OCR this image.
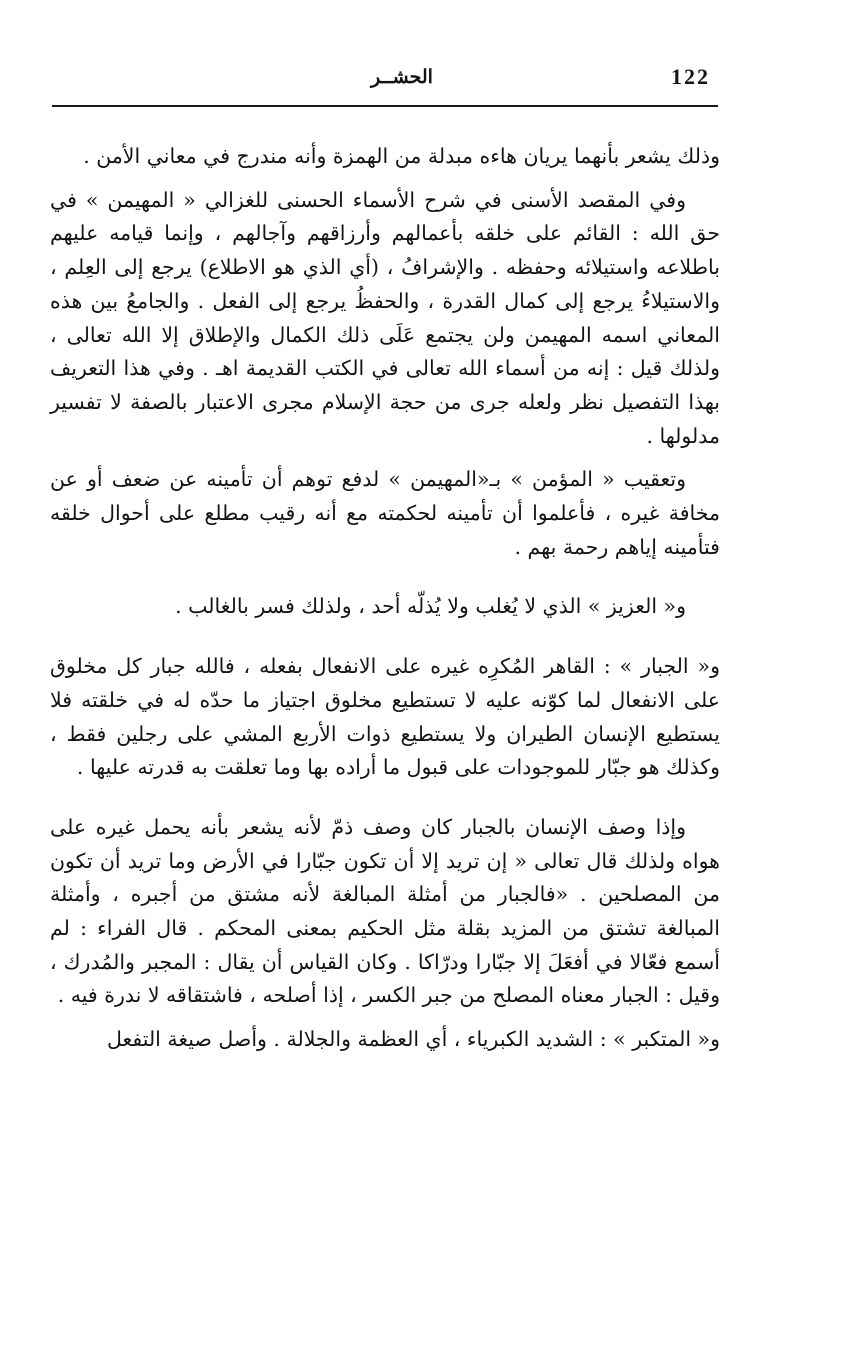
122
الحشــر

وذلك يشعر بأنهما يريان هاءه مبدلة من الهمزة وأنه مندرج في معاني الأمن .

وفي المقصد الأسنى في شرح الأسماء الحسنى للغزالي « المهيمن » في حق الله : القائم على خلقه بأعمالهم وأرزاقهم وآجالهم ، وإنما قيامه عليهم باطلاعه واستيلائه وحفظه . والإشرافُ ، (أي الذي هو الاطلاع) يرجع إلى العِلم ، والاستيلاءُ يرجع إلى كمال القدرة ، والحفظُ يرجع إلى الفعل . والجامعُ بين هذه المعاني اسمه المهيمن ولن يجتمع عَلَى ذلك الكمال والإطلاق إلا الله تعالى ، ولذلك قيل : إنه من أسماء الله تعالى في الكتب القديمة اهـ . وفي هذا التعريف بهذا التفصيل نظر ولعله جرى من حجة الإسلام مجرى الاعتبار بالصفة لا تفسير مدلولها .

وتعقيب « المؤمن » بـ«المهيمن » لدفع توهم أن تأمينه عن ضعف أو عن مخافة غيره ، فأعلموا أن تأمينه لحكمته مع أنه رقيب مطلع على أحوال خلقه فتأمينه إياهم رحمة بهم .

و« العزيز » الذي لا يُغلب ولا يُذلّه أحد ، ولذلك فسر بالغالب .

و« الجبار » : القاهر المُكرِه غيره على الانفعال بفعله ، فالله جبار كل مخلوق على الانفعال لما كوّنه عليه لا تستطيع مخلوق اجتياز ما حدّه له في خلقته فلا يستطيع الإنسان الطيران ولا يستطيع ذوات الأربع المشي على رجلين فقط ، وكذلك هو جبّار للموجودات على قبول ما أراده بها وما تعلقت به قدرته عليها .

وإذا وصف الإنسان بالجبار كان وصف ذمّ لأنه يشعر بأنه يحمل غيره على هواه ولذلك قال تعالى « إن تريد إلا أن تكون جبّارا في الأرض وما تريد أن تكون من المصلحين . «فالجبار من أمثلة المبالغة لأنه مشتق من أجبره ، وأمثلة المبالغة تشتق من المزيد بقلة مثل الحكيم بمعنى المحكم . قال الفراء : لم أسمع فعّالا في أفعَلَ إلا جبّارا ودرّاكا . وكان القياس أن يقال : المجبر والمُدرك ، وقيل : الجبار معناه المصلح من جبر الكسر ، إذا أصلحه ، فاشتقاقه لا ندرة فيه .

و« المتكبر » : الشديد الكبرياء ، أي العظمة والجلالة . وأصل صيغة التفعل
